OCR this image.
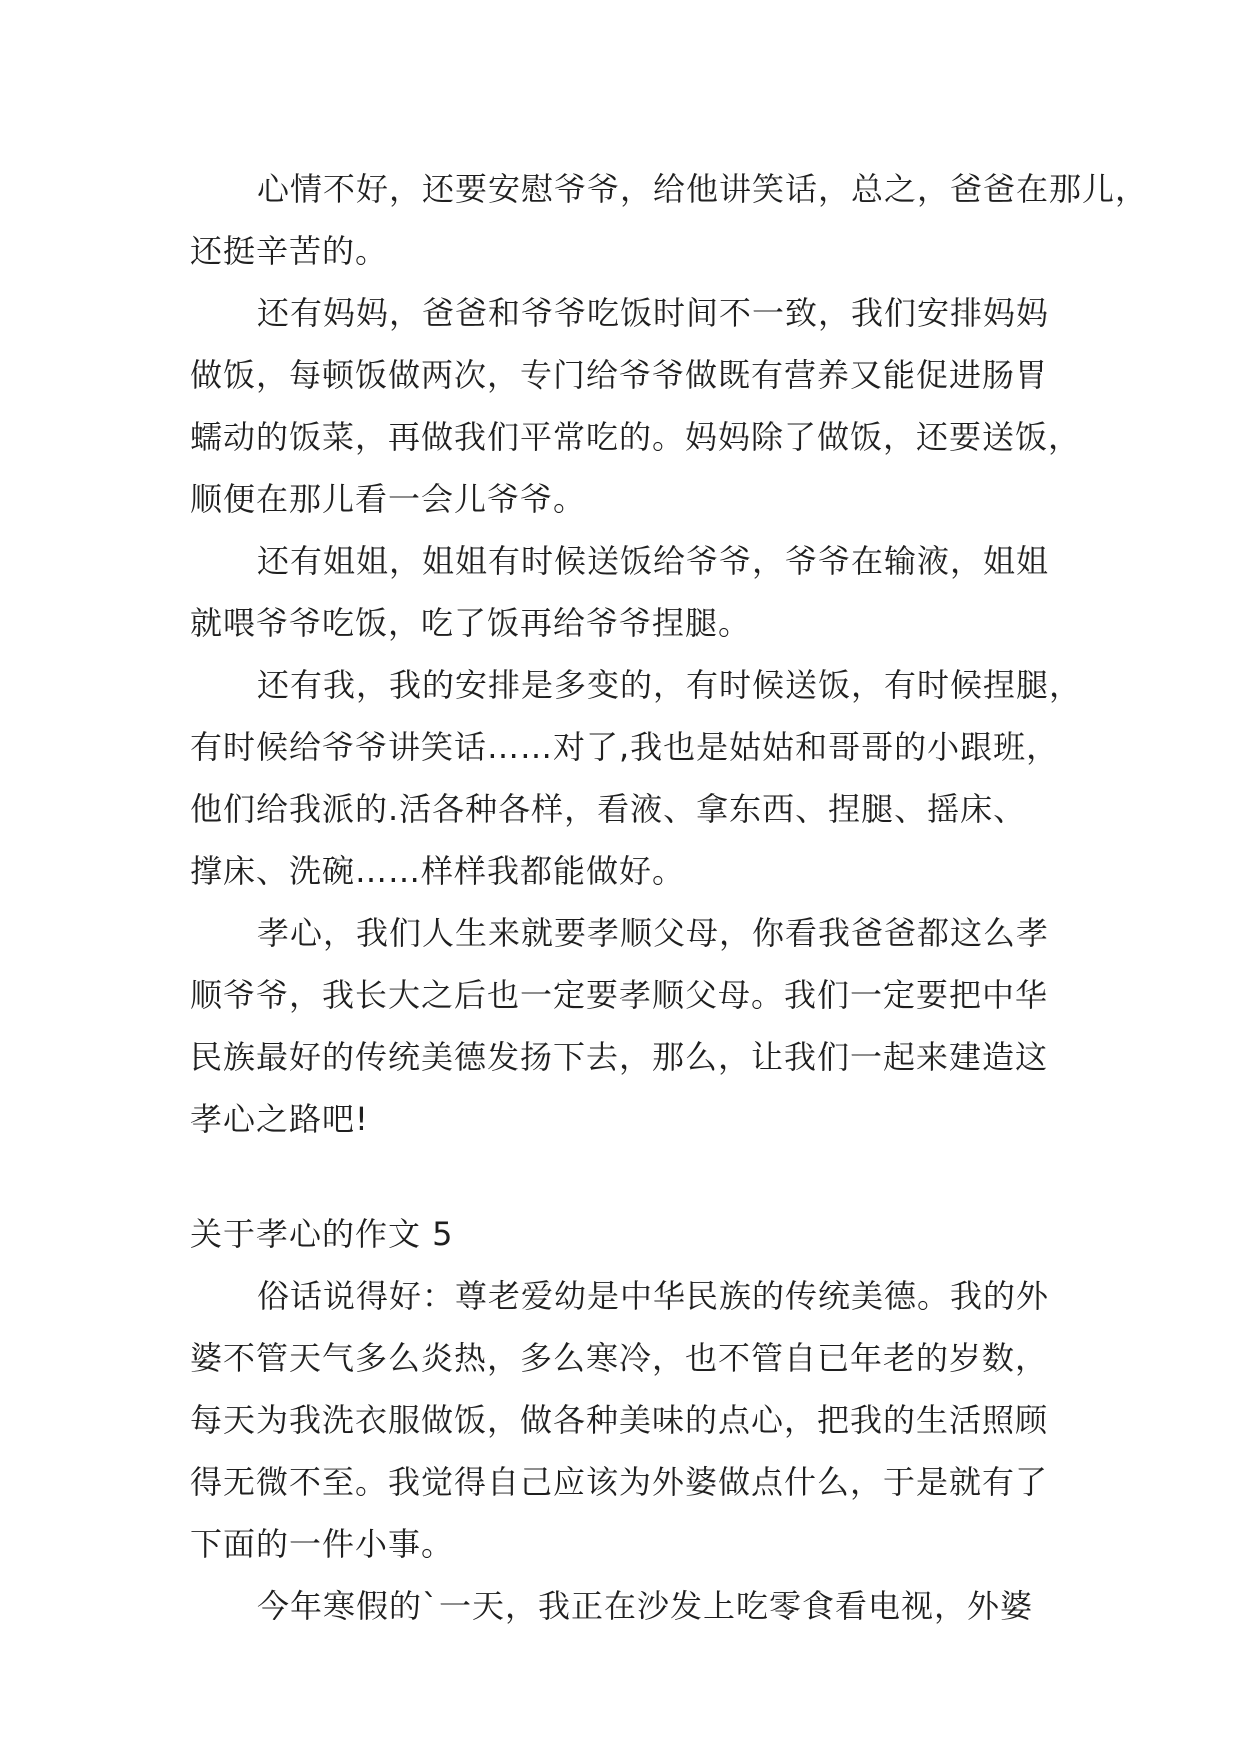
心情不好，还要安慰爷爷，给他讲笑话，总之，爸爸在那儿，
还挺辛苦的。
还有妈妈，爸爸和爷爷吃饭时间不一致，我们安排妈妈
做饭，每顿饭做两次，专门给爷爷做既有营养又能促进肠胃
蠕动的饭菜，再做我们平常吃的。妈妈除了做饭，还要送饭，
顺便在那儿看一会儿爷爷。
还有姐姐，姐姐有时候送饭给爷爷，爷爷在输液，姐姐
就喂爷爷吃饭，吃了饭再给爷爷捏腿。
还有我，我的安排是多变的，有时候送饭，有时候捏腿，
有时候给爷爷讲笑话……对了,我也是姑姑和哥哥的小跟班，
他们给我派的.活各种各样，看液、拿东西、捏腿、摇床、
撑床、洗碗……样样我都能做好。
孝心，我们人生来就要孝顺父母，你看我爸爸都这么孝
顺爷爷，我长大之后也一定要孝顺父母。我们一定要把中华
民族最好的传统美德发扬下去，那么，让我们一起来建造这
孝心之路吧!
关于孝心的作文 5
俗话说得好：尊老爱幼是中华民族的传统美德。我的外
婆不管天气多么炎热，多么寒冷，也不管自已年老的岁数，
每天为我洗衣服做饭，做各种美味的点心，把我的生活照顾
得无微不至。我觉得自己应该为外婆做点什么，于是就有了
下面的一件小事。
今年寒假的`一天，我正在沙发上吃零食看电视，外婆
